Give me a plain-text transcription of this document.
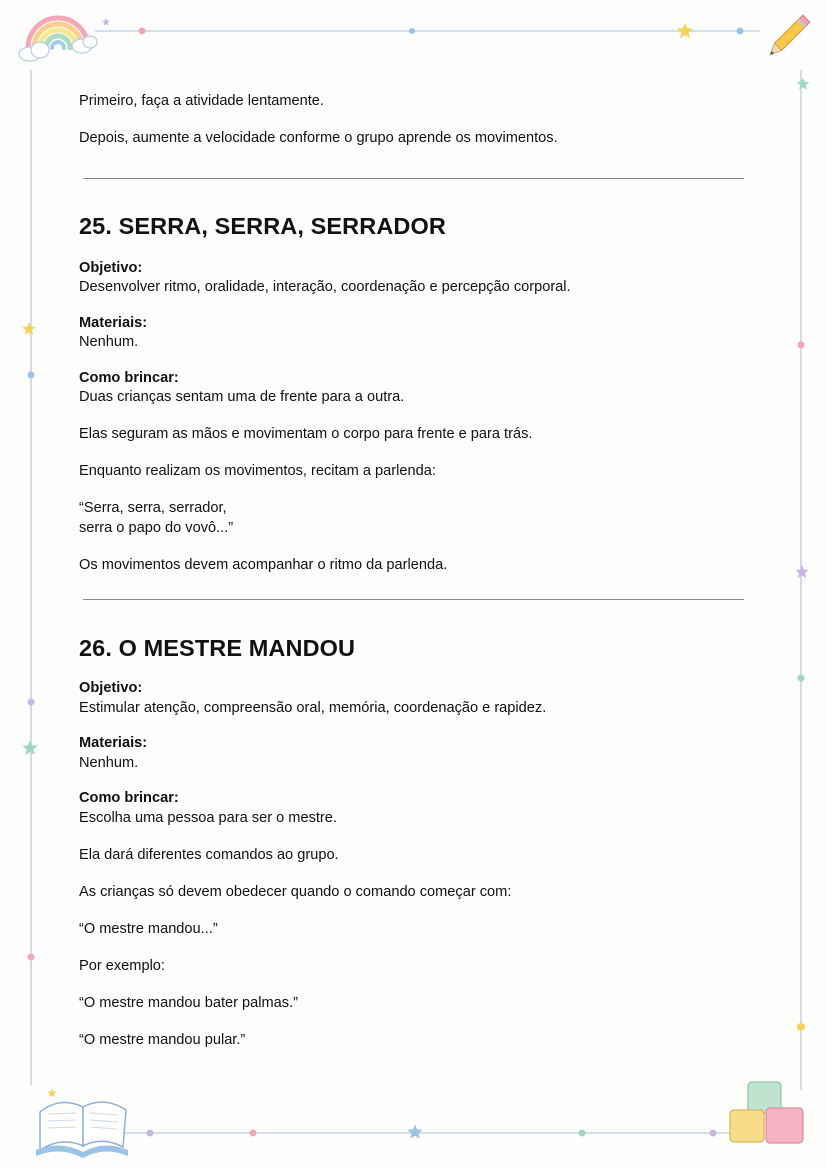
Primeiro, faça a atividade lentamente.

Depois, aumente a velocidade conforme o grupo aprende os movimentos.

25. SERRA, SERRA, SERRADOR

Objetivo:

Desenvolver ritmo, oralidade, interação, coordenação e percepção corporal.

Materiais:

Nenhum.

Como brincar:

Duas crianças sentam uma de frente para a outra.

Elas seguram as mãos e movimentam o corpo para frente e para trás.

Enquanto realizam os movimentos, recitam a parlenda:

“Serra, serra, serrador,

serra o papo do vovô...”

Os movimentos devem acompanhar o ritmo da parlenda.

26. O MESTRE MANDOU

Objetivo:

Estimular atenção, compreensão oral, memória, coordenação e rapidez.

Materiais:

Nenhum.

Como brincar:

Escolha uma pessoa para ser o mestre.

Ela dará diferentes comandos ao grupo.

As crianças só devem obedecer quando o comando começar com:

“O mestre mandou...”

Por exemplo:

“O mestre mandou bater palmas.”

“O mestre mandou pular.”
